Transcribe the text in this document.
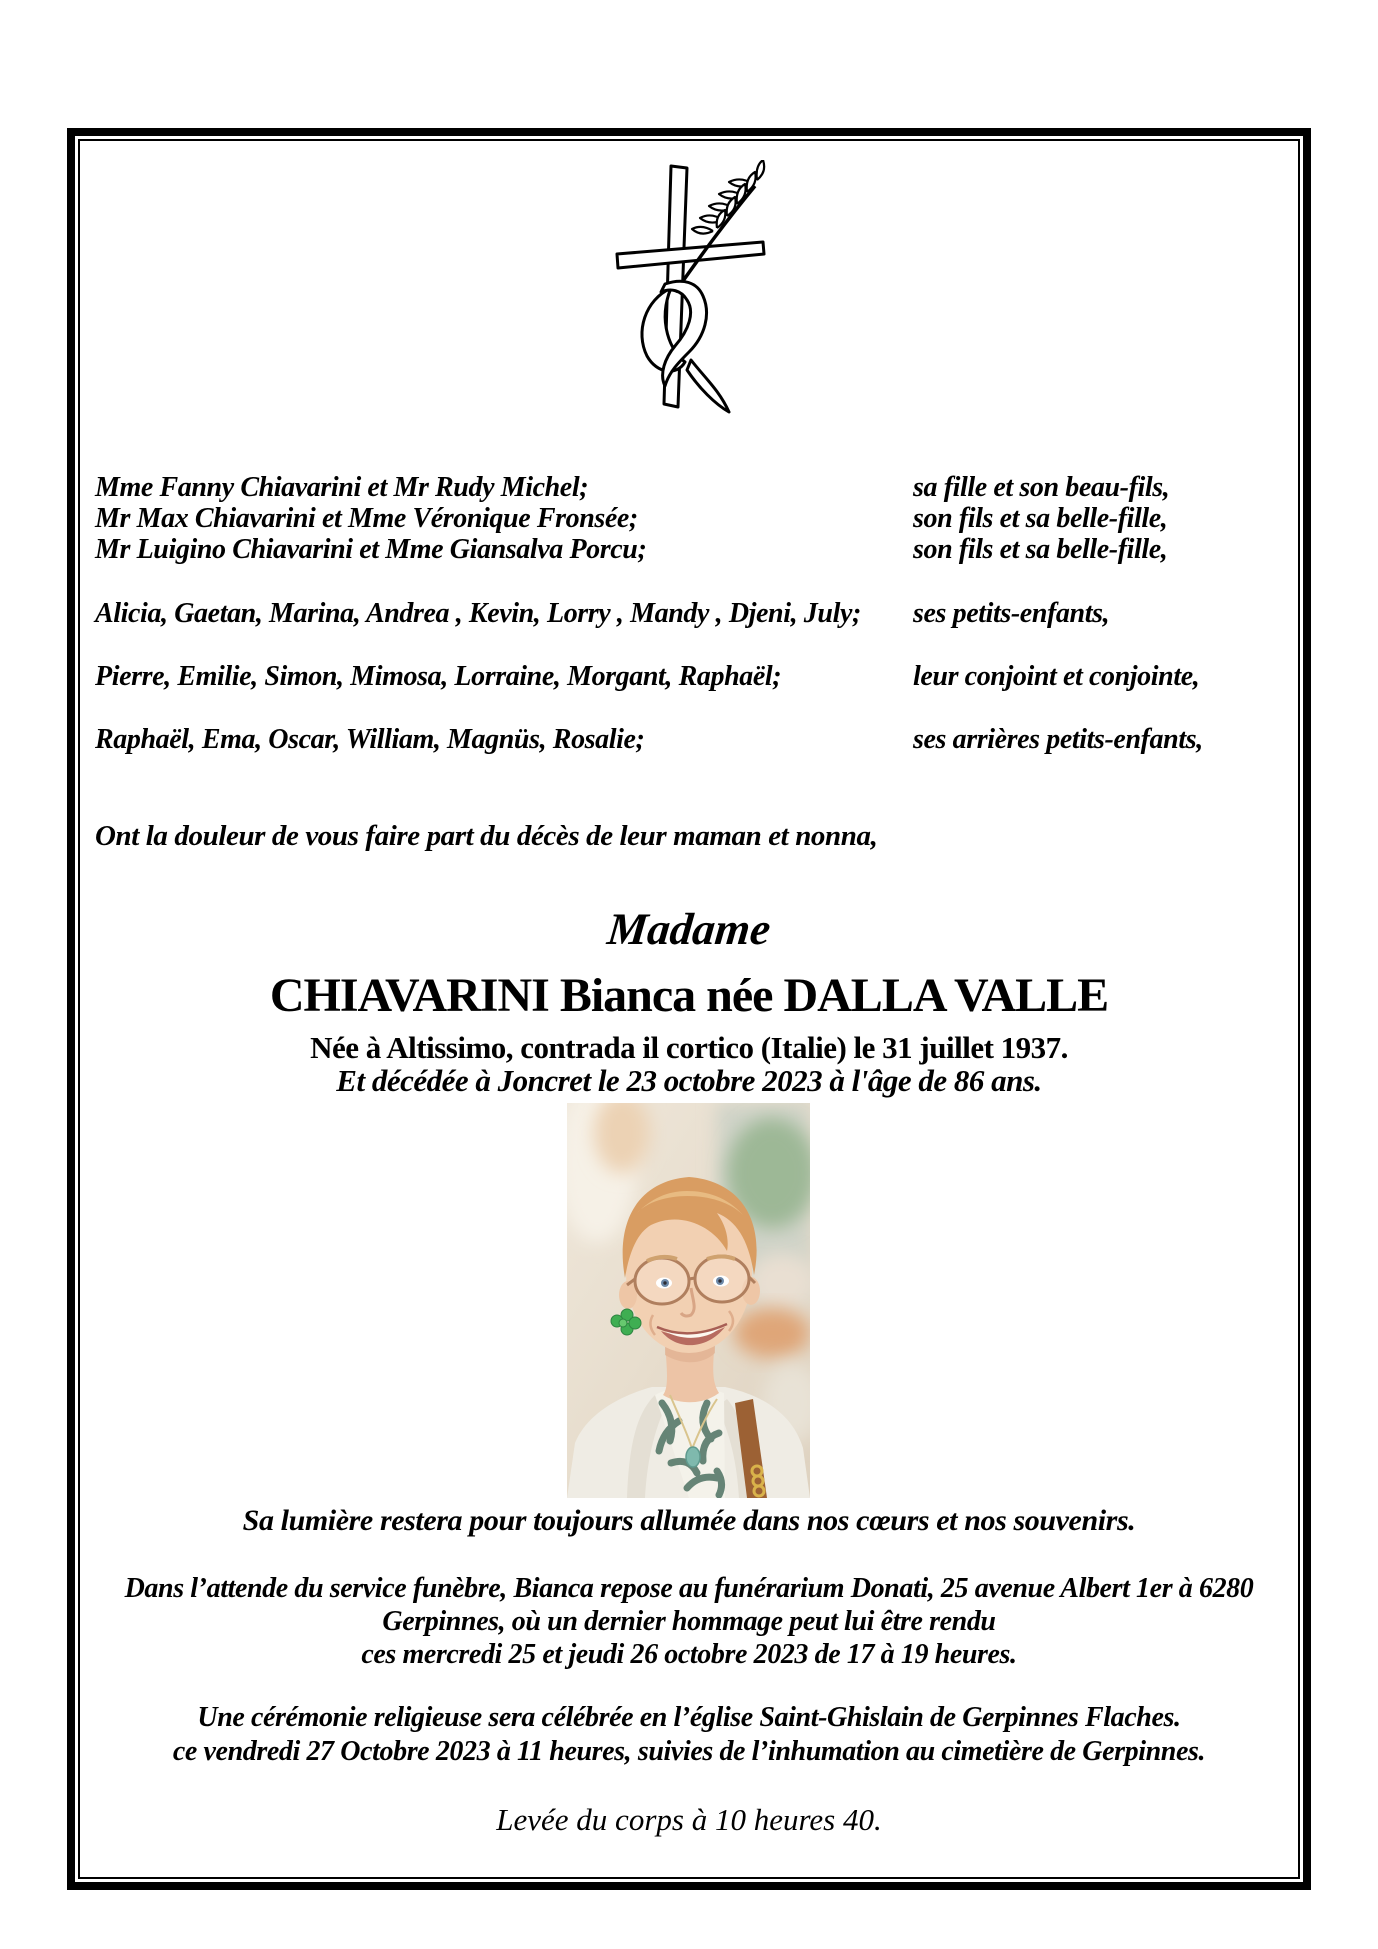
Mme Fanny Chiavarini et Mr Rudy Michel;	sa fille et son beau-fils,
Mr Max Chiavarini et Mme Véronique Fronsée;	son fils et sa belle-fille,
Mr Luigino Chiavarini et Mme Giansalva Porcu;	son fils et sa belle-fille,
Alicia, Gaetan, Marina, Andrea , Kevin, Lorry , Mandy , Djeni, July; ses petits-enfants,
Pierre, Emilie, Simon, Mimosa, Lorraine, Morgant, Raphaël;	leur conjoint et conjointe,
Raphaël, Ema, Oscar, William, Magnüs, Rosalie;	ses arrières petits-enfants,
Ont la douleur de vous faire part du décès de leur maman et nonna,
Madame
CHIAVARINI Bianca née DALLA VALLE
Née à Altissimo, contrada il cortico (Italie) le 31 juillet 1937.
Et décédée à Joncret le 23 octobre 2023 à l'âge de 86 ans.
Sa lumière restera pour toujours allumée dans nos cœurs et nos souvenirs.
Dans l’attende du service funèbre, Bianca repose au funérarium Donati, 25 avenue Albert 1er à 6280
Gerpinnes, où un dernier hommage peut lui être rendu
ces mercredi 25 et jeudi 26 octobre 2023 de 17 à 19 heures.
Une cérémonie religieuse sera célébrée en l’église Saint-Ghislain de Gerpinnes Flaches.
ce vendredi 27 Octobre 2023 à 11 heures, suivies de l’inhumation au cimetière de Gerpinnes.
Levée du corps à 10 heures 40.
